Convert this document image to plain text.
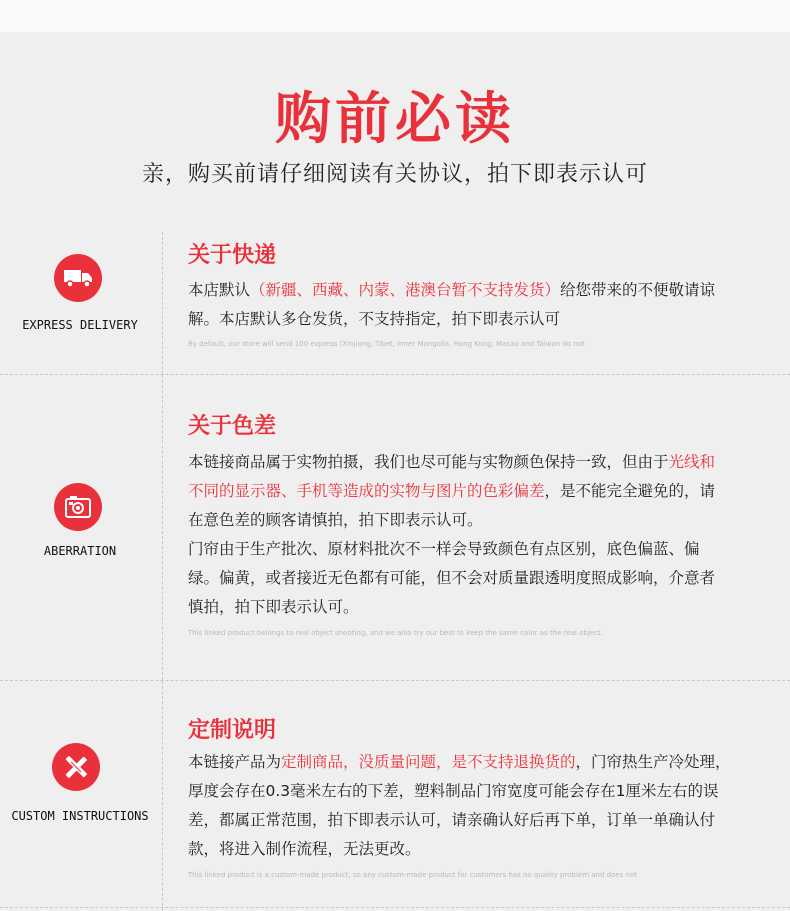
购前必读
亲，购买前请仔细阅读有关协议，拍下即表示认可
EXPRESS DELIVERY
关于快递

本店默认（新疆、西藏、内蒙、港澳台暂不支持发货）给您带来的不便敬请谅解。本店默认多仓发货，不支持指定，拍下即表示认可

By default, our store will send 100 express (Xinjiang, Tibet, Inner Mongolia, Hong Kong, Macao and Taiwan do not
ABERRATION
关于色差

本链接商品属于实物拍摄，我们也尽可能与实物颜色保持一致，但由于光线和不同的显示器、手机等造成的实物与图片的色彩偏差，是不能完全避免的，请在意色差的顾客请慎拍，拍下即表示认可。

门帘由于生产批次、原材料批次不一样会导致颜色有点区别，底色偏蓝、偏绿。偏黄，或者接近无色都有可能，但不会对质量跟透明度照成影响，介意者慎拍，拍下即表示认可。

This linked product belongs to real object shooting, and we also try our best to keep the same color as the real object.
CUSTOM INSTRUCTIONS
定制说明

本链接产品为定制商品，没质量问题，是不支持退换货的，门帘热生产冷处理，厚度会存在0.3毫米左右的下差，塑料制品门帘宽度可能会存在1厘米左右的误差，都属正常范围，拍下即表示认可，请亲确认好后再下单，订单一单确认付款，将进入制作流程，无法更改。

This linked product is a custom-made product, so any custom-made product for customers has no quality problem and does not
